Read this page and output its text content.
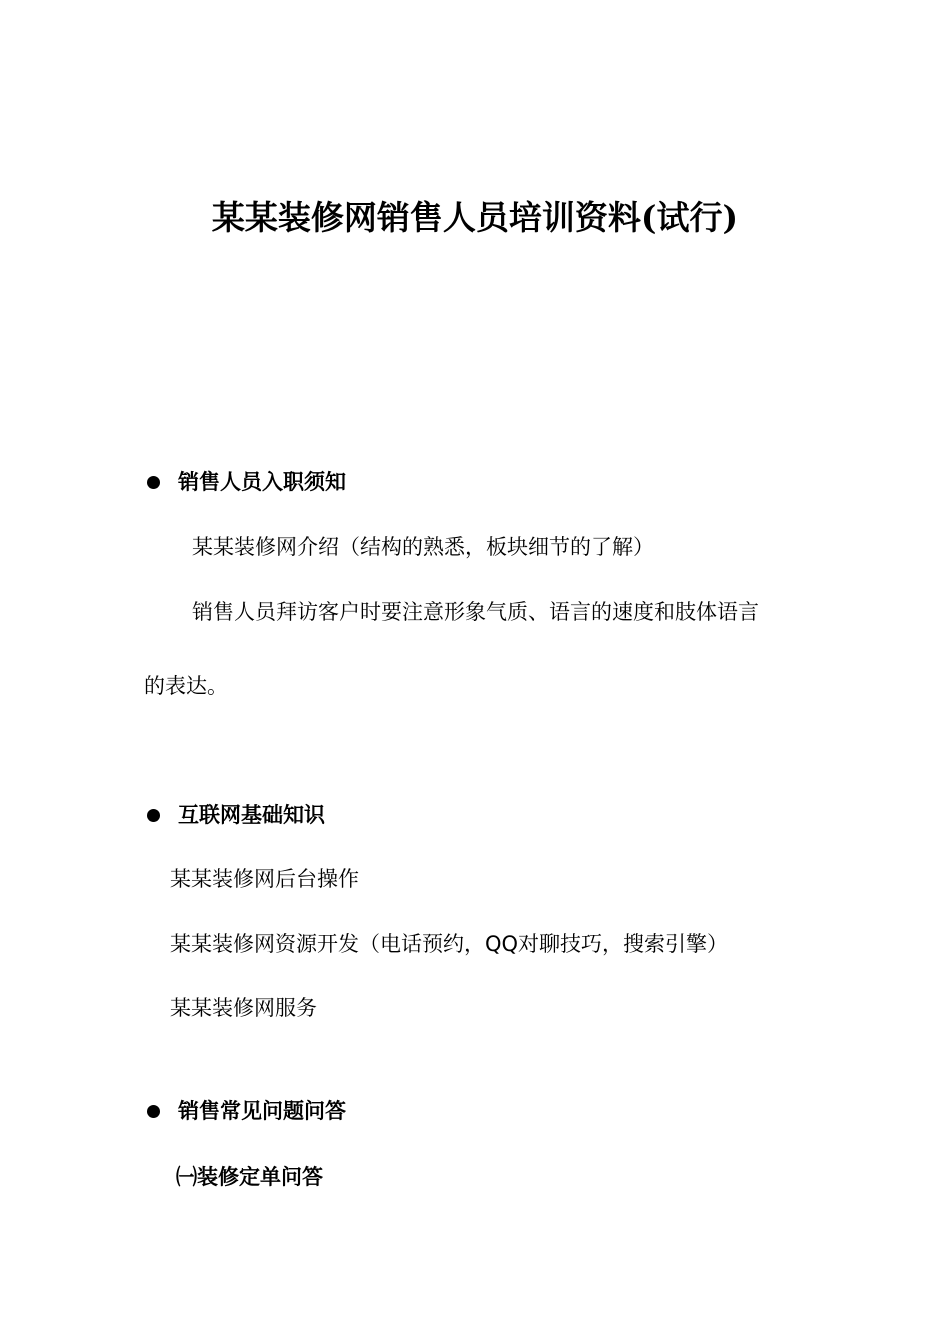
某某装修网销售人员培训资料(试行)
销售人员入职须知
某某装修网介绍（结构的熟悉，板块细节的了解）
销售人员拜访客户时要注意形象气质、语言的速度和肢体语言
的表达。
互联网基础知识
某某装修网后台操作
某某装修网资源开发（电话预约，QQ对聊技巧，搜索引擎）
某某装修网服务
销售常见问题问答
㈠装修定单问答
